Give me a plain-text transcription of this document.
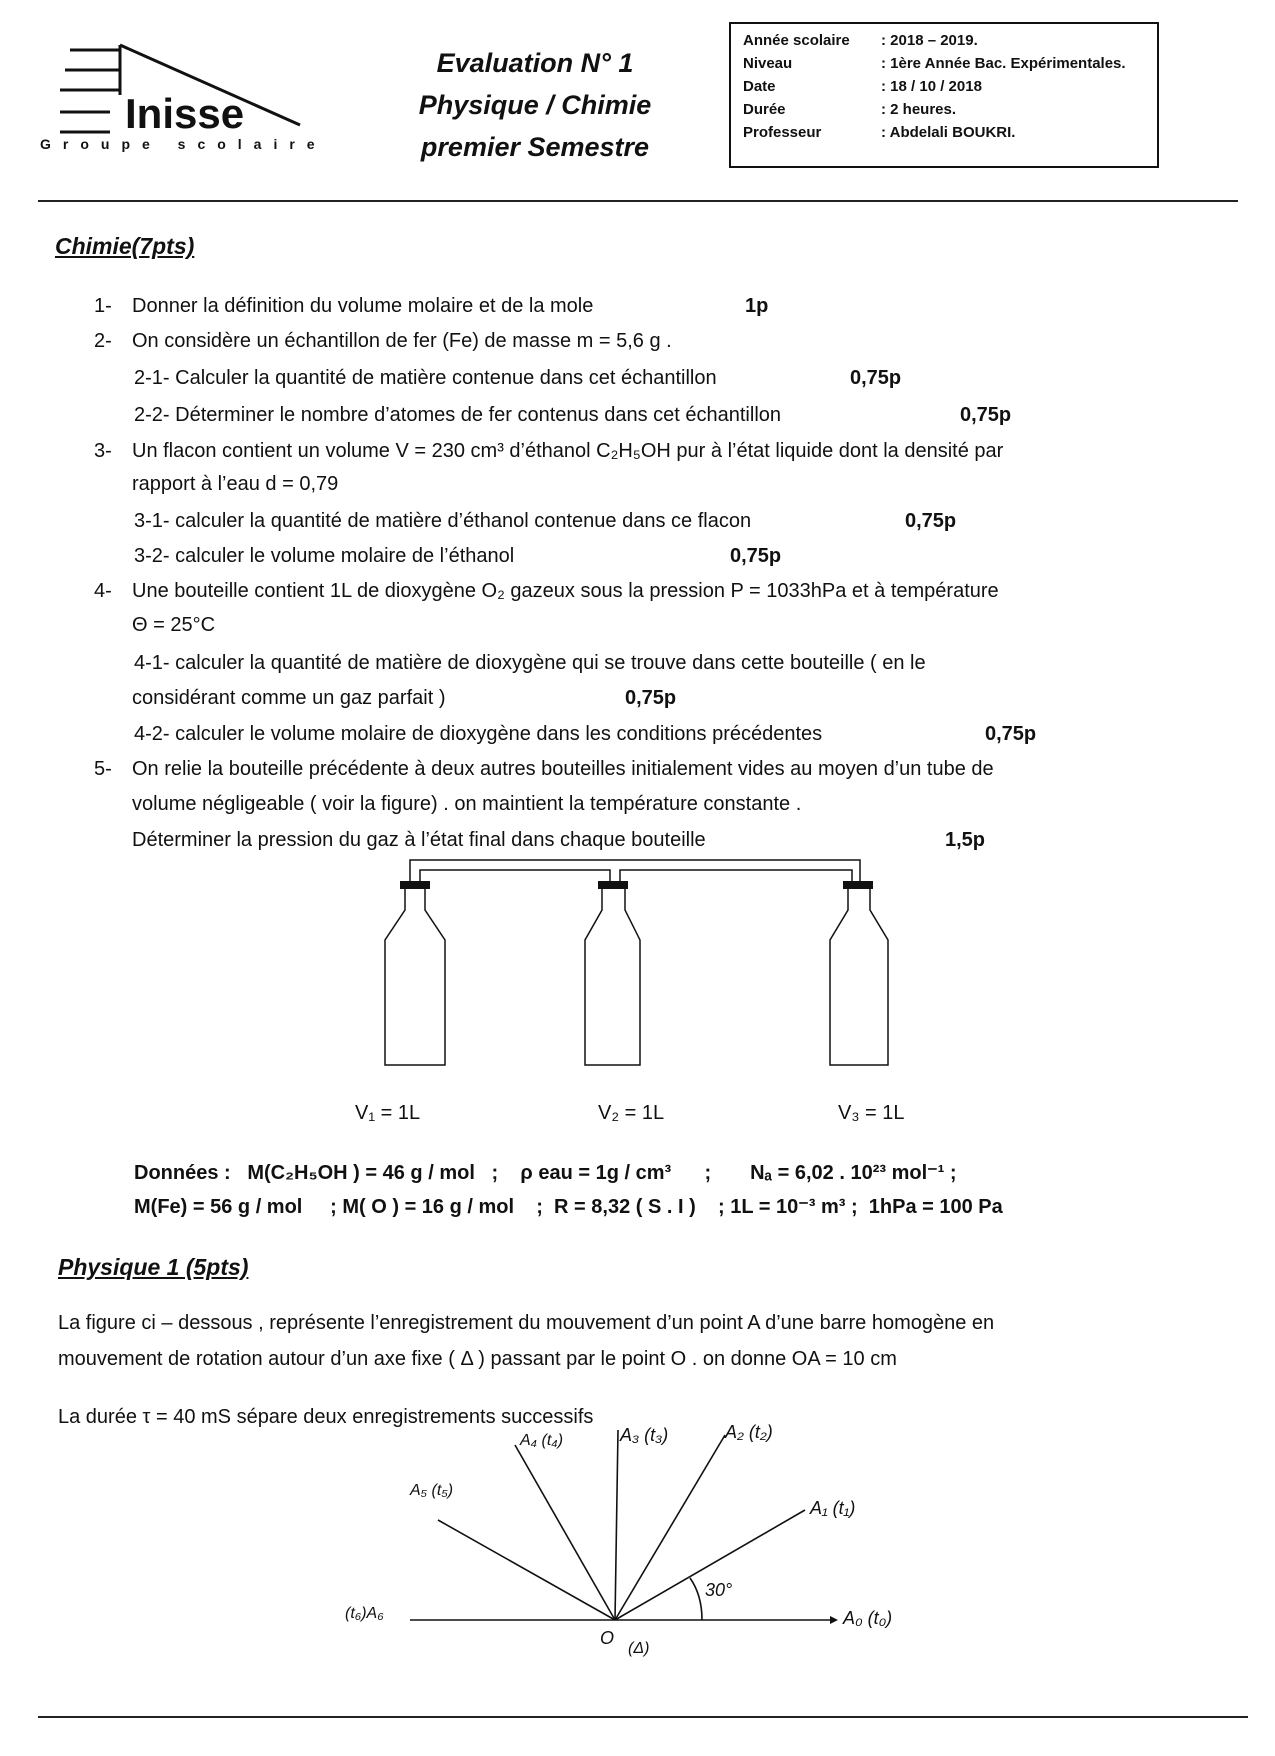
Inisse
Groupe scolaire
Evaluation N° 1
Physique / Chimie
premier Semestre
Année scolaire : 2018 – 2019.
Niveau	: 1ère Année Bac. Expérimentales.
Date	: 18 / 10 / 2018
Durée	: 2 heures.
Professeur	: Abdelali BOUKRI.
Chimie(7pts)
1- Donner la définition du volume molaire et de la mole	1p
2- On considère un échantillon de fer (Fe) de masse m = 5,6 g .
2-1- Calculer la quantité de matière contenue dans cet échantillon	0,75p
2-2- Déterminer le nombre d’atomes de fer contenus dans cet échantillon	0,75p
3- Un flacon contient un volume V = 230 cm³ d’éthanol C₂H₅OH pur à l’état liquide dont la densité par
rapport à l’eau d = 0,79
3-1- calculer la quantité de matière d’éthanol contenue dans ce flacon	0,75p
3-2- calculer le volume molaire de l’éthanol	0,75p
4- Une bouteille contient 1L de dioxygène O₂ gazeux sous la pression P = 1033hPa et à température
Θ = 25°C
4-1- calculer la quantité de matière de dioxygène qui se trouve dans cette bouteille ( en le
considérant comme un gaz parfait )	0,75p
4-2- calculer le volume molaire de dioxygène dans les conditions précédentes	0,75p
5- On relie la bouteille précédente à deux autres bouteilles initialement vides au moyen d’un tube de
volume négligeable ( voir la figure) . on maintient la température constante .
Déterminer la pression du gaz à l’état final dans chaque bouteille	1,5p
V₁ = 1L	V₂ = 1L	V₃ = 1L
Données :   M(C₂H₅OH ) = 46 g / mol   ;    ρ eau = 1g / cm³      ;       Nₐ = 6,02 . 10²³ mol⁻¹ ;
M(Fe) = 56 g / mol     ; M( O ) = 16 g / mol    ;  R = 8,32 ( S . I )    ; 1L = 10⁻³ m³ ;  1hPa = 100 Pa
Physique 1 (5pts)
La figure ci – dessous , représente l’enregistrement du mouvement d’un point A d’une barre homogène en
mouvement de rotation autour d’un axe fixe ( Δ ) passant par le point O . on donne OA = 10 cm
La durée τ = 40 mS sépare deux enregistrements successifs
A₀ (t₀)
A₁ (t₁)
A₂ (t₂)
A₃ (t₃)
A₄ (t₄)
A₅ (t₅)
(t₆)A₆
O
(Δ)
30°
